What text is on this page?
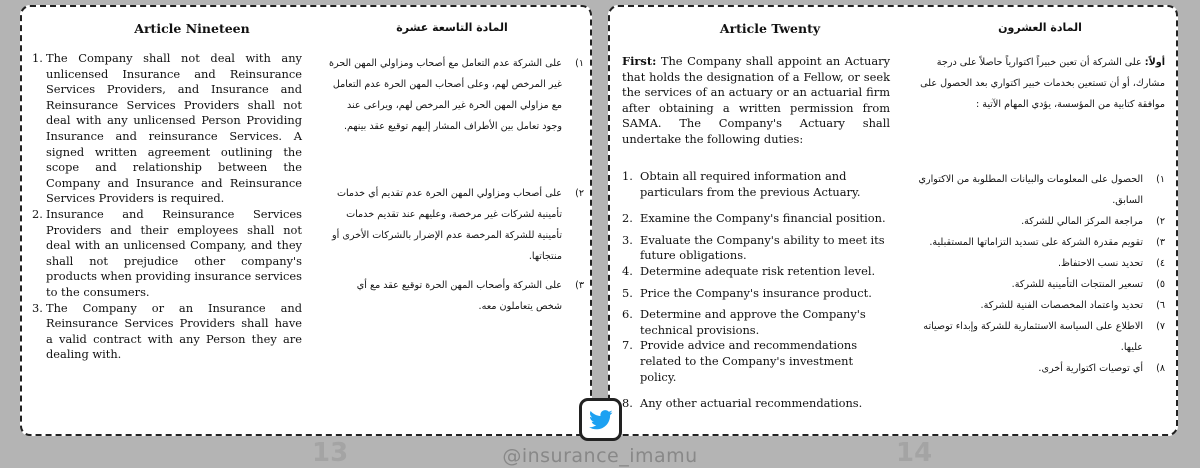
Article Nineteen	المادة التاسعة عشرة
1. The Company shall not deal with any unlicensed Insurance and Reinsurance Services Providers, and Insurance and Reinsurance Services Providers shall not deal with any unlicensed Person Providing Insurance and reinsurance Services. A signed written agreement outlining the scope and relationship between the Company and Insurance and Reinsurance Services Providers is required.
2. Insurance and Reinsurance Services Providers and their employees shall not deal with an unlicensed Company, and they shall not prejudice other company's products when providing insurance services to the consumers.
3. The Company or an Insurance and Reinsurance Services Providers shall have a valid contract with any Person they are dealing with.
١)
على الشركة عدم التعامل مع أصحاب ومزاولي المهن الحرة غير المرخص لهم، وعلى أصحاب المهن الحرة عدم التعامل مع مزاولي المهن الحرة غير المرخص لهم، ويراعى عند وجود تعامل بين الأطراف المشار إليهم توقيع عقد بينهم.
٢)
على أصحاب ومزاولي المهن الحرة عدم تقديم أي خدمات تأمينية لشركات غير مرخصة، وعليهم عند تقديم خدمات تأمينية للشركة المرخصة عدم الإضرار بالشركات الأخرى أو منتجاتها.
٣)
على الشركة وأصحاب المهن الحرة توقيع عقد مع أي شخص يتعاملون معه.
Article Twenty	المادة العشرون
First: The Company shall appoint an Actuary that holds the designation of a Fellow, or seek the services of an actuary or an actuarial firm after obtaining a written permission from SAMA. The Company's Actuary shall undertake the following duties:
1. Obtain all required information and particulars from the previous Actuary.
2. Examine the Company's financial position.
3. Evaluate the Company's ability to meet its future obligations.
4. Determine adequate risk retention level.
5. Price the Company's insurance product.
6. Determine and approve the Company's technical provisions.
7. Provide advice and recommendations related to the Company's investment policy.
8. Any other actuarial recommendations.
أولاً: على الشركة أن تعين خبيراً اكتوارياً حاصلاً على درجة مشارك، أو أن تستعين بخدمات خبير اكتواري بعد الحصول على موافقة كتابية من المؤسسة، يؤدي المهام الآتية :
١)
الحصول على المعلومات والبيانات المطلوبة من الاكتواري السابق.
٢)
مراجعة المركز المالي للشركة.
٣)
تقويم مقدرة الشركة على تسديد التزاماتها المستقبلية.
٤)
تحديد نسب الاحتفاظ.
٥)
تسعير المنتجات التأمينية للشركة.
٦)
تحديد واعتماد المخصصات الفنية للشركة.
٧)
الاطلاع على السياسة الاستثمارية للشركة وإبداء توصياته عليها.
٨)
أي توصيات اكتوارية أخرى.
13	14
@insurance_imamu
